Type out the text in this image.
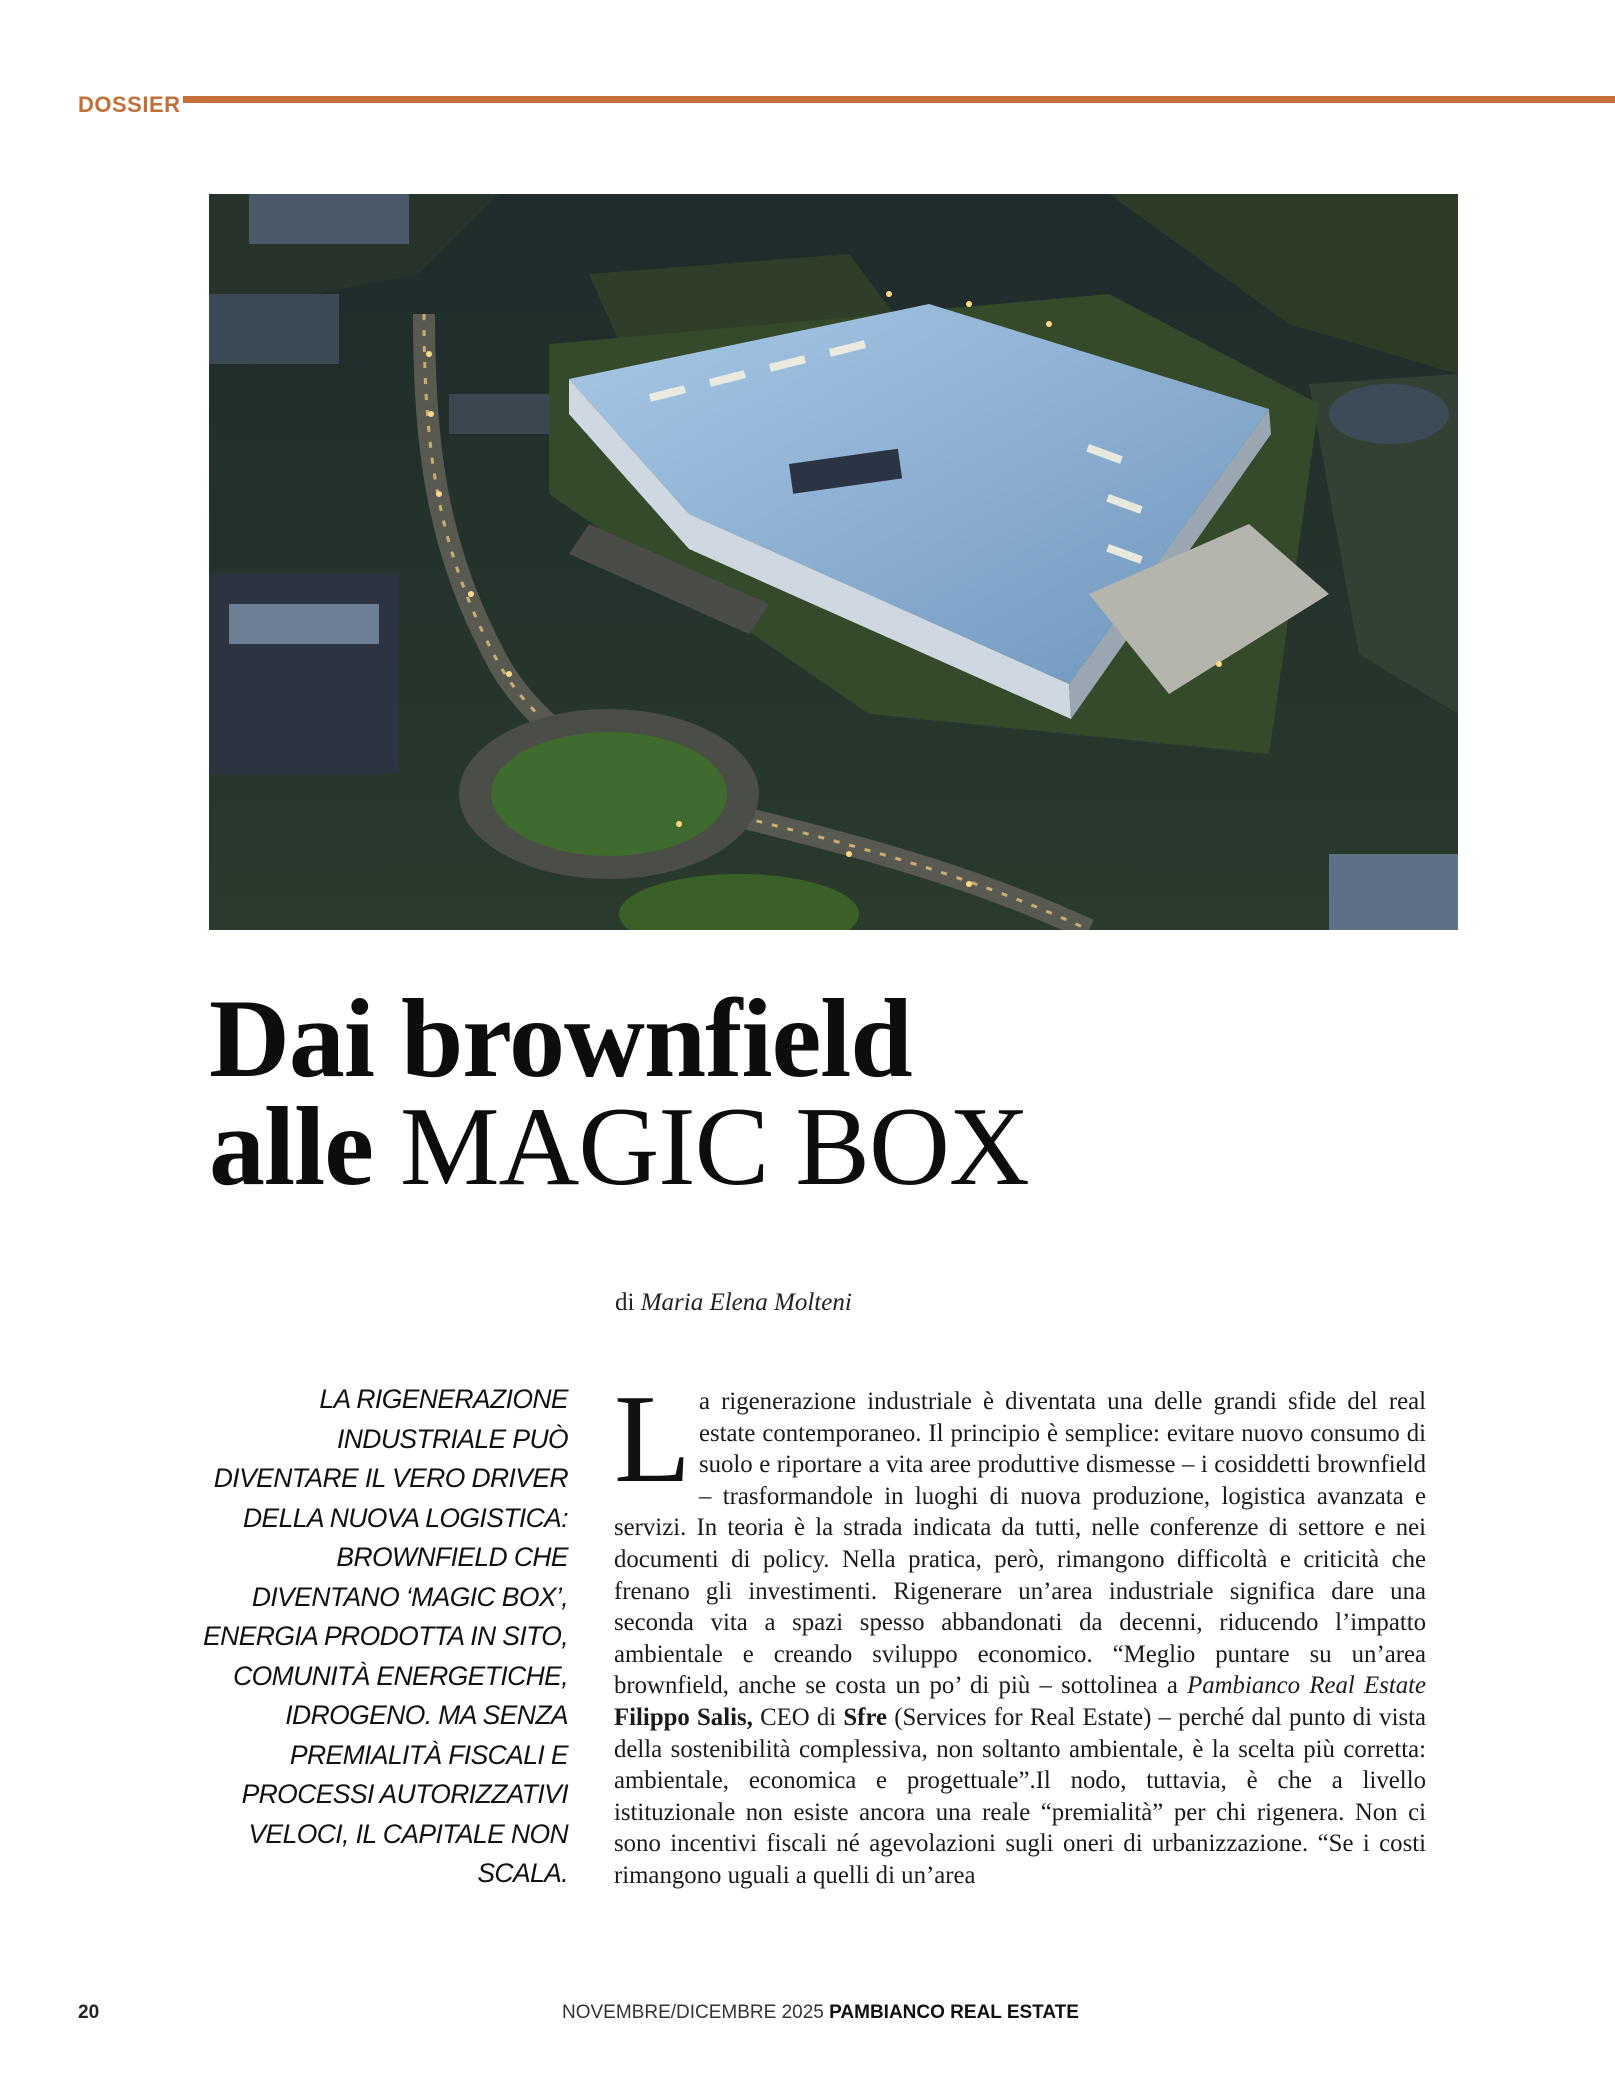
DOSSIER
Dai brownfield
alle MAGIC BOX
di Maria Elena Molteni
LA RIGENERAZIONE INDUSTRIALE PUÒ DIVENTARE IL VERO DRIVER DELLA NUOVA LOGISTICA: BROWNFIELD CHE DIVENTANO ‘MAGIC BOX’, ENERGIA PRODOTTA IN SITO, COMUNITÀ ENERGETICHE, IDROGENO. MA SENZA PREMIALITÀ FISCALI E PROCESSI AUTORIZZATIVI VELOCI, IL CAPITALE NON SCALA.
La rigenerazione industriale è diventata una delle grandi sfide del real estate contemporaneo. Il principio è semplice: evitare nuovo consumo di suolo e riportare a vita aree produttive dismesse – i cosiddetti brownfield – trasformandole in luoghi di nuova produzione, logistica avanzata e servizi. In teoria è la strada indicata da tutti, nelle conferenze di settore e nei documenti di policy. Nella pratica, però, rimangono difficoltà e criticità che frenano gli investimenti. Rigenerare un’area industriale significa dare una seconda vita a spazi spesso abbandonati da decenni, riducendo l’impatto ambientale e creando sviluppo economico. “Meglio puntare su un’area brownfield, anche se costa un po’ di più – sottolinea a Pambianco Real Estate Filippo Salis, CEO di Sfre (Services for Real Estate) – perché dal punto di vista della sostenibilità complessiva, non soltanto ambientale, è la scelta più corretta: ambientale, economica e progettuale”.Il nodo, tuttavia, è che a livello istituzionale non esiste ancora una reale “premialità” per chi rigenera. Non ci sono incentivi fiscali né agevolazioni sugli oneri di urbanizzazione. “Se i costi rimangono uguali a quelli di un’area
20	NOVEMBRE/DICEMBRE 2025 PAMBIANCO REAL ESTATE
